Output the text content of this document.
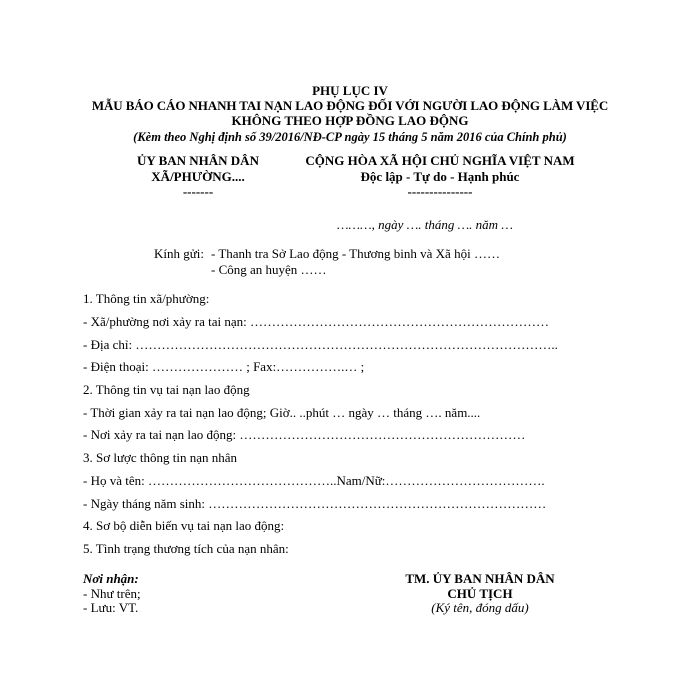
PHỤ LỤC IV
MẪU BÁO CÁO NHANH TAI NẠN LAO ĐỘNG ĐỐI VỚI NGƯỜI LAO ĐỘNG LÀM VIỆC
KHÔNG THEO HỢP ĐỒNG LAO ĐỘNG
(Kèm theo Nghị định số 39/2016/NĐ-CP ngày 15 tháng 5 năm 2016 của Chính phủ)
ỦY BAN NHÂN DÂN
XÃ/PHƯỜNG....
-------
CỘNG HÒA XÃ HỘI CHỦ NGHĨA VIỆT NAM
Độc lập - Tự do - Hạnh phúc
---------------
………, ngày …. tháng …. năm …
Kính gửi: - Thanh tra Sở Lao động - Thương binh và Xã hội ……
- Công an huyện ……
1. Thông tin xã/phường:
- Xã/phường nơi xảy ra tai nạn: ……………………………………………………………
- Địa chỉ: ……………………………………………………………………………………..
- Điện thoại: ………………… ; Fax:…………….… ;
2. Thông tin vụ tai nạn lao động
- Thời gian xảy ra tai nạn lao động; Giờ.. ..phút … ngày … tháng …. năm....
- Nơi xảy ra tai nạn lao động: …………………………………………………………
3. Sơ lược thông tin nạn nhân
- Họ và tên: ……………………………………..Nam/Nữ:……………………………….
- Ngày tháng năm sinh: ……………………………………………………………………
4. Sơ bộ diễn biến vụ tai nạn lao động:
5. Tình trạng thương tích của nạn nhân:
Nơi nhận:
- Như trên;
- Lưu: VT.
TM. ỦY BAN NHÂN DÂN
CHỦ TỊCH
(Ký tên, đóng dấu)
